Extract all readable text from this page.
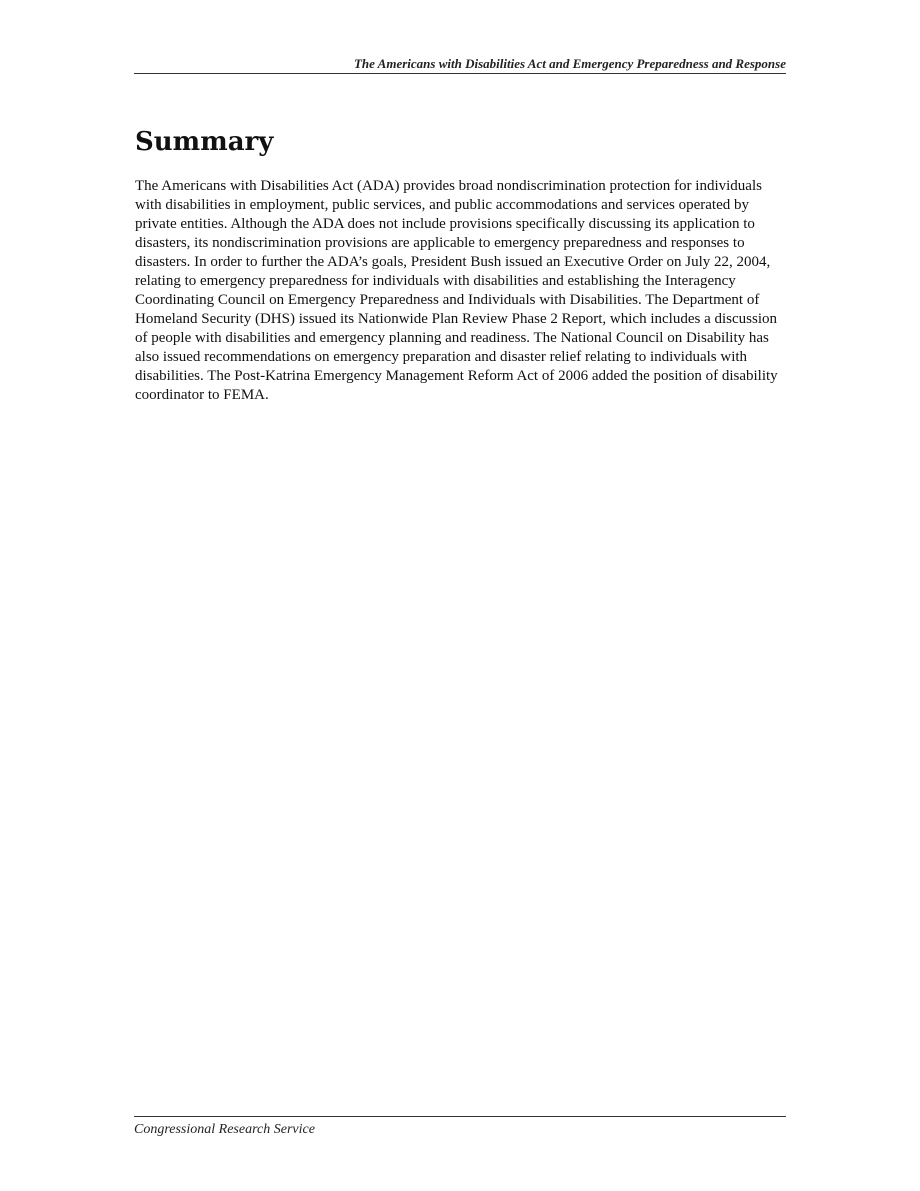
The Americans with Disabilities Act and Emergency Preparedness and Response
Summary

The Americans with Disabilities Act (ADA) provides broad nondiscrimination protection for individuals with disabilities in employment, public services, and public accommodations and services operated by private entities. Although the ADA does not include provisions specifically discussing its application to disasters, its nondiscrimination provisions are applicable to emergency preparedness and responses to disasters. In order to further the ADA’s goals, President Bush issued an Executive Order on July 22, 2004, relating to emergency preparedness for individuals with disabilities and establishing the Interagency Coordinating Council on Emergency Preparedness and Individuals with Disabilities. The Department of Homeland Security (DHS) issued its Nationwide Plan Review Phase 2 Report, which includes a discussion of people with disabilities and emergency planning and readiness. The National Council on Disability has also issued recommendations on emergency preparation and disaster relief relating to individuals with disabilities. The Post-Katrina Emergency Management Reform Act of 2006 added the position of disability coordinator to FEMA.

Congressional Research Service
